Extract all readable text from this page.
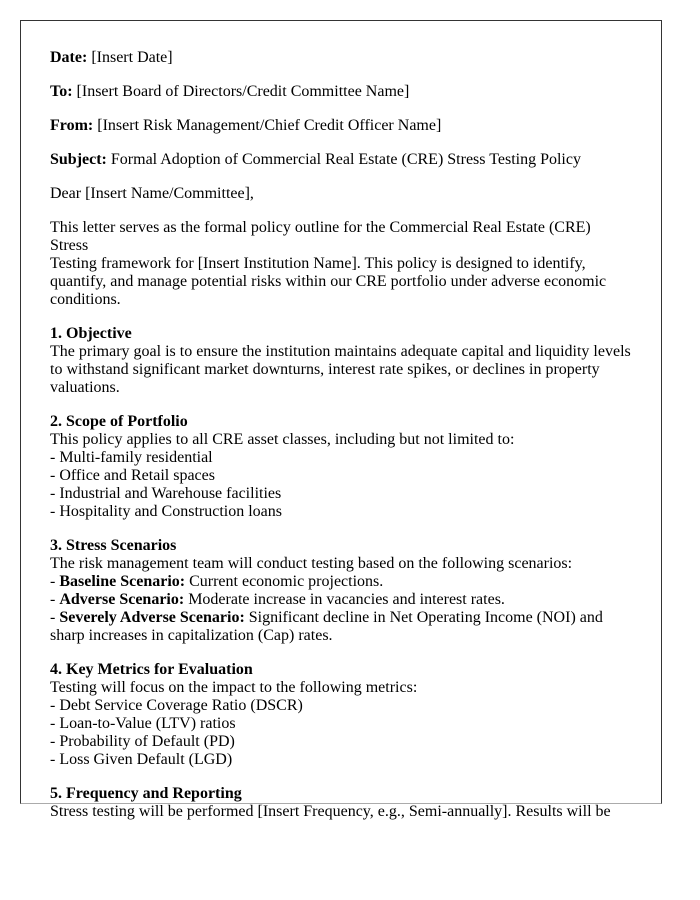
Date: [Insert Date]
To: [Insert Board of Directors/Credit Committee Name]
From: [Insert Risk Management/Chief Credit Officer Name]
Subject: Formal Adoption of Commercial Real Estate (CRE) Stress Testing Policy
Dear [Insert Name/Committee],
This letter serves as the formal policy outline for the Commercial Real Estate (CRE) Stress
Testing framework for [Insert Institution Name]. This policy is designed to identify,
quantify, and manage potential risks within our CRE portfolio under adverse economic
conditions.
1. Objective
The primary goal is to ensure the institution maintains adequate capital and liquidity levels
to withstand significant market downturns, interest rate spikes, or declines in property
valuations.
2. Scope of Portfolio
This policy applies to all CRE asset classes, including but not limited to:
- Multi-family residential
- Office and Retail spaces
- Industrial and Warehouse facilities
- Hospitality and Construction loans
3. Stress Scenarios
The risk management team will conduct testing based on the following scenarios:
- Baseline Scenario: Current economic projections.
- Adverse Scenario: Moderate increase in vacancies and interest rates.
- Severely Adverse Scenario: Significant decline in Net Operating Income (NOI) and
sharp increases in capitalization (Cap) rates.
4. Key Metrics for Evaluation
Testing will focus on the impact to the following metrics:
- Debt Service Coverage Ratio (DSCR)
- Loan-to-Value (LTV) ratios
- Probability of Default (PD)
- Loss Given Default (LGD)
5. Frequency and Reporting
Stress testing will be performed [Insert Frequency, e.g., Semi-annually]. Results will be
